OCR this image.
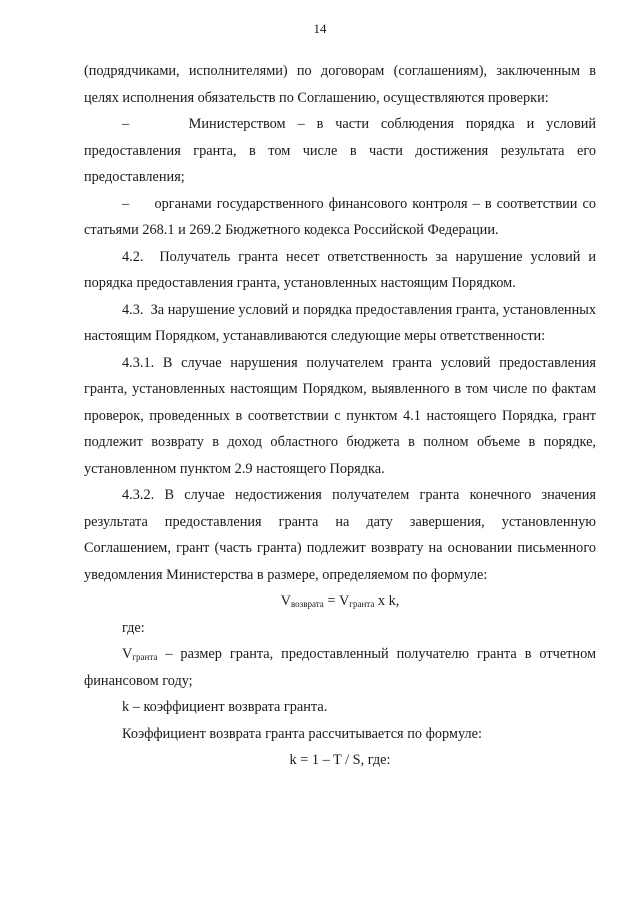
14

(подрядчиками, исполнителями) по договорам (соглашениям), заключенным в целях исполнения обязательств по Соглашению, осуществляются проверки:

–     Министерством – в части соблюдения порядка и условий предоставления гранта, в том числе в части достижения результата его предоставления;

–     органами государственного финансового контроля – в соответствии со статьями 268.1 и 269.2 Бюджетного кодекса Российской Федерации.

4.2.  Получатель гранта несет ответственность за нарушение условий и порядка предоставления гранта, установленных настоящим Порядком.

4.3.  За нарушение условий и порядка предоставления гранта, установленных настоящим Порядком, устанавливаются следующие меры ответственности:

4.3.1. В случае нарушения получателем гранта условий предоставления гранта, установленных настоящим Порядком, выявленного в том числе по фактам проверок, проведенных в соответствии с пунктом 4.1 настоящего Порядка, грант подлежит возврату в доход областного бюджета в полном объеме в порядке, установленном пунктом 2.9 настоящего Порядка.

4.3.2. В случае недостижения получателем гранта конечного значения результата предоставления гранта на дату завершения, установленную Соглашением, грант (часть гранта) подлежит возврату на основании письменного уведомления Министерства в размере, определяемом по формуле:

$V_{возврата} = V_{гранта}$ x k,

где:

$V_{гранта}$ – размер гранта, предоставленный получателю гранта в отчетном финансовом году;

k – коэффициент возврата гранта.

Коэффициент возврата гранта рассчитывается по формуле:

k = 1 – T / S, где:
